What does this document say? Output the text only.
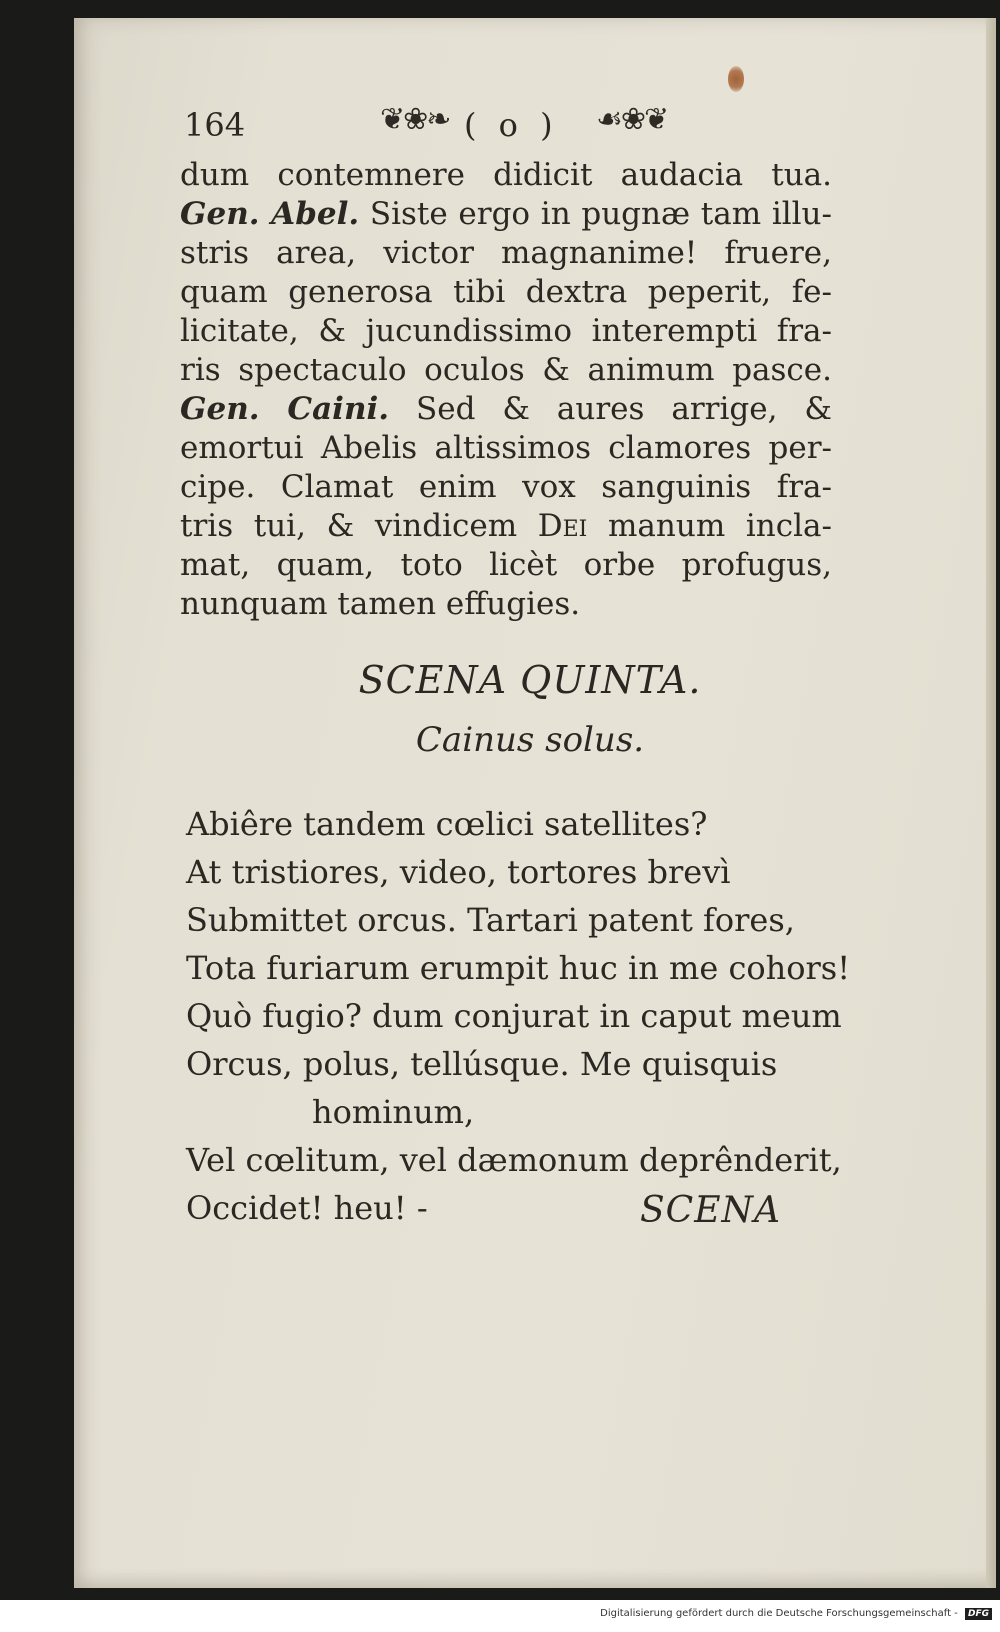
164	❦❀❧ ( o ) ☙❀❦
dum contemnere didicit audacia tua.
Gen. Abel. Siste ergo in pugnæ tam illu-
stris area, victor magnanime! fruere,
quam generosa tibi dextra peperit, fe-
licitate, & jucundissimo interempti fra-
ris spectaculo oculos & animum pasce.
Gen. Caini. Sed & aures arrige, &
emortui Abelis altissimos clamores per-
cipe. Clamat enim vox sanguinis fra-
tris tui, & vindicem Dei manum incla-
mat, quam, toto licèt orbe profugus,
nunquam tamen effugies.
SCENA QUINTA.
Cainus solus.
Abiêre tandem cœlici satellites?
At tristiores, video, tortores brevì
Submittet orcus. Tartari patent fores,
Tota furiarum erumpit huc in me cohors!
Quò fugio? dum conjurat in caput meum
Orcus, polus, tellúsque. Me quisquis
hominum,
Vel cœlitum, vel dæmonum deprênderit,
Occidet! heu! -	SCENA
Digitalisierung gefördert durch die Deutsche Forschungsgemeinschaft - DFG
